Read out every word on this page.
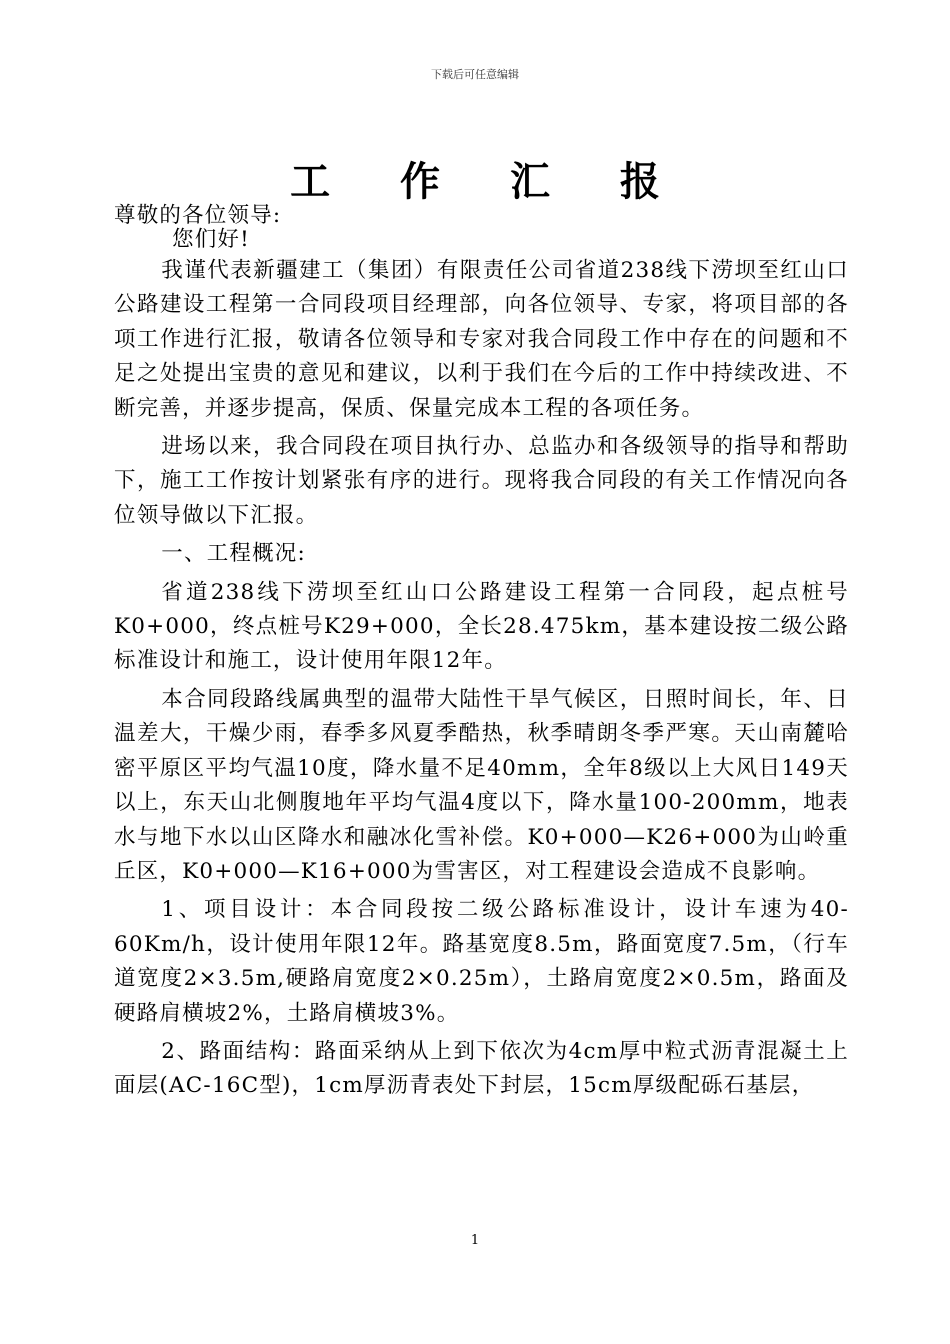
下载后可任意编辑
工 作 汇 报
尊敬的各位领导:
您们好!

我谨代表新疆建工（集团）有限责任公司省道238线下涝坝至红山口公路建设工程第一合同段项目经理部，向各位领导、专家，将项目部的各项工作进行汇报，敬请各位领导和专家对我合同段工作中存在的问题和不足之处提出宝贵的意见和建议，以利于我们在今后的工作中持续改进、不断完善，并逐步提高，保质、保量完成本工程的各项任务。

进场以来，我合同段在项目执行办、总监办和各级领导的指导和帮助下，施工工作按计划紧张有序的进行。现将我合同段的有关工作情况向各位领导做以下汇报。

一、工程概况:

省道238线下涝坝至红山口公路建设工程第一合同段，起点桩号K0+000，终点桩号K29+000，全长28.475km，基本建设按二级公路标准设计和施工，设计使用年限12年。

本合同段路线属典型的温带大陆性干旱气候区，日照时间长，年、日温差大，干燥少雨，春季多风夏季酷热，秋季晴朗冬季严寒。天山南麓哈密平原区平均气温10度，降水量不足40mm，全年8级以上大风日149天以上，东天山北侧腹地年平均气温4度以下，降水量100-200mm，地表水与地下水以山区降水和融冰化雪补偿。K0+000—K26+000为山岭重丘区，K0+000—K16+000为雪害区，对工程建设会造成不良影响。

1、项目设计：本合同段按二级公路标准设计，设计车速为40-60Km/h，设计使用年限12年。路基宽度8.5m，路面宽度7.5m，（行车道宽度2×3.5m,硬路肩宽度2×0.25m），土路肩宽度2×0.5m，路面及硬路肩横坡2%，土路肩横坡3%。

2、路面结构：路面采纳从上到下依次为4cm厚中粒式沥青混凝土上面层(AC-16C型)，1cm厚沥青表处下封层，15cm厚级配砾石基层，

1
